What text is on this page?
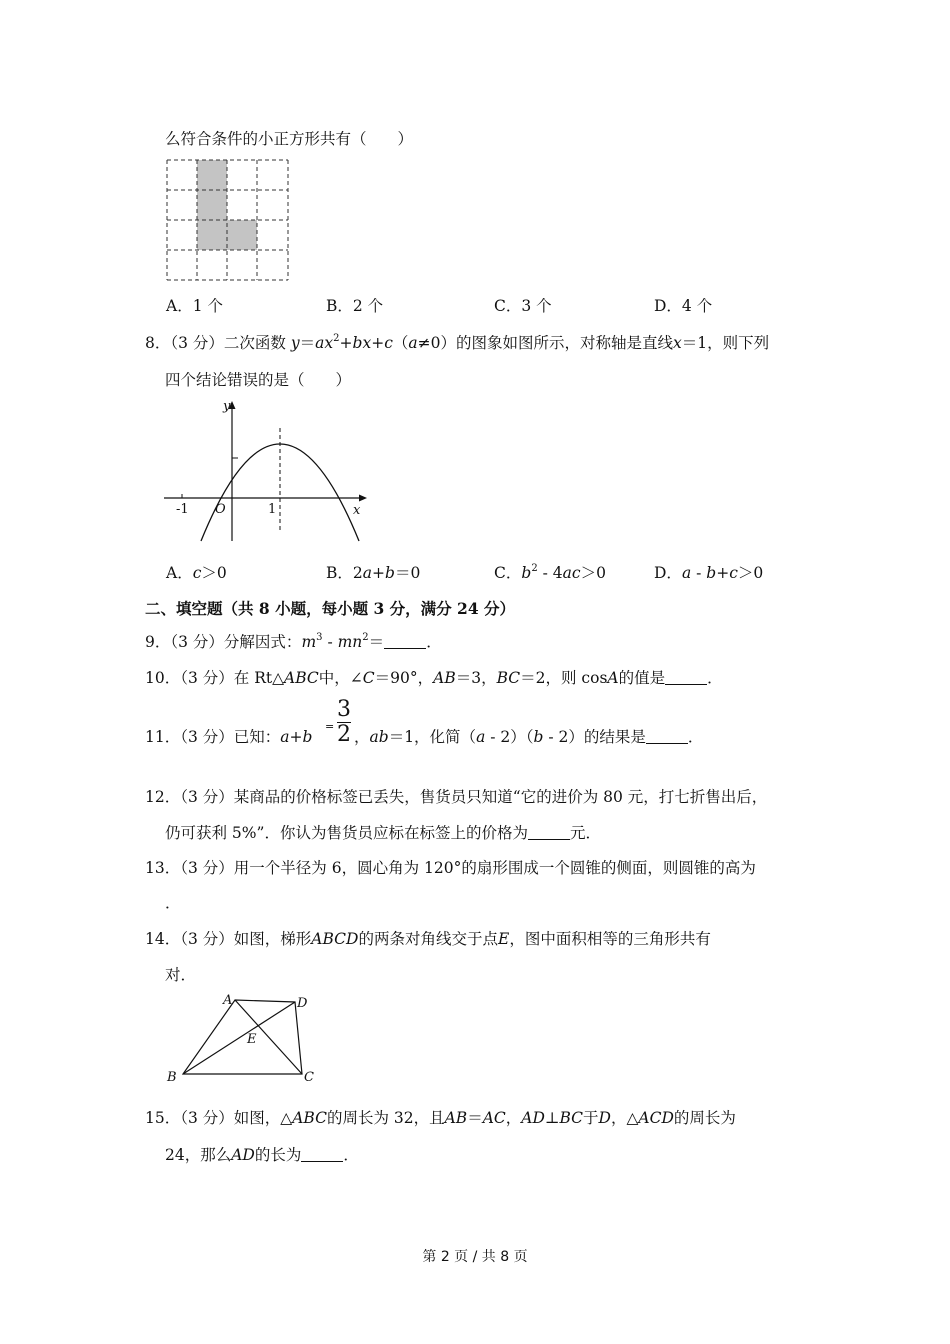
么符合条件的小正方形共有（　　）
A．1 个	B．2 个	C．3 个	D．4 个
8．（3 分）二次函数 $y=ax^2+bx+c(a\ne 0)$的图象如图所示，对称轴是直线x＝1，则下列
四个结论错误的是（　　）
y
x
O
-1	1
A．c＞0	B．2a+b＝0	C．$b^2 - 4ac>0$	D．a - b+c＞0
二、填空题（共 8 小题，每小题 3 分，满分 24 分）
9．（3 分）分解因式：$m^3 - mn^2=$	．
10．（3 分）在 Rt△ABC中，∠C＝90°，AB＝3，BC＝2，则 cosA的值是	．
11．（3 分）已知：a+b
=
3
2 ，ab＝1，化简（a - 2）（b - 2）的结果是	．
12．（3 分）某商品的价格标签已丢失，售货员只知道“它的进价为 80 元，打七折售出后，
仍可获利 5%”．你认为售货员应标在标签上的价格为	元．
13．（3 分）用一个半径为 6，圆心角为 120°的扇形围成一个圆锥的侧面，则圆锥的高为
．
14．（3 分）如图，梯形ABCD的两条对角线交于点E，图中面积相等的三角形共有
对．
A	D
E
B	C
15．（3 分）如图，△ABC的周长为 32，且AB＝AC，AD⊥BC于D，△ACD的周长为
24，那么AD的长为	．
第 2 页 / 共 8 页
